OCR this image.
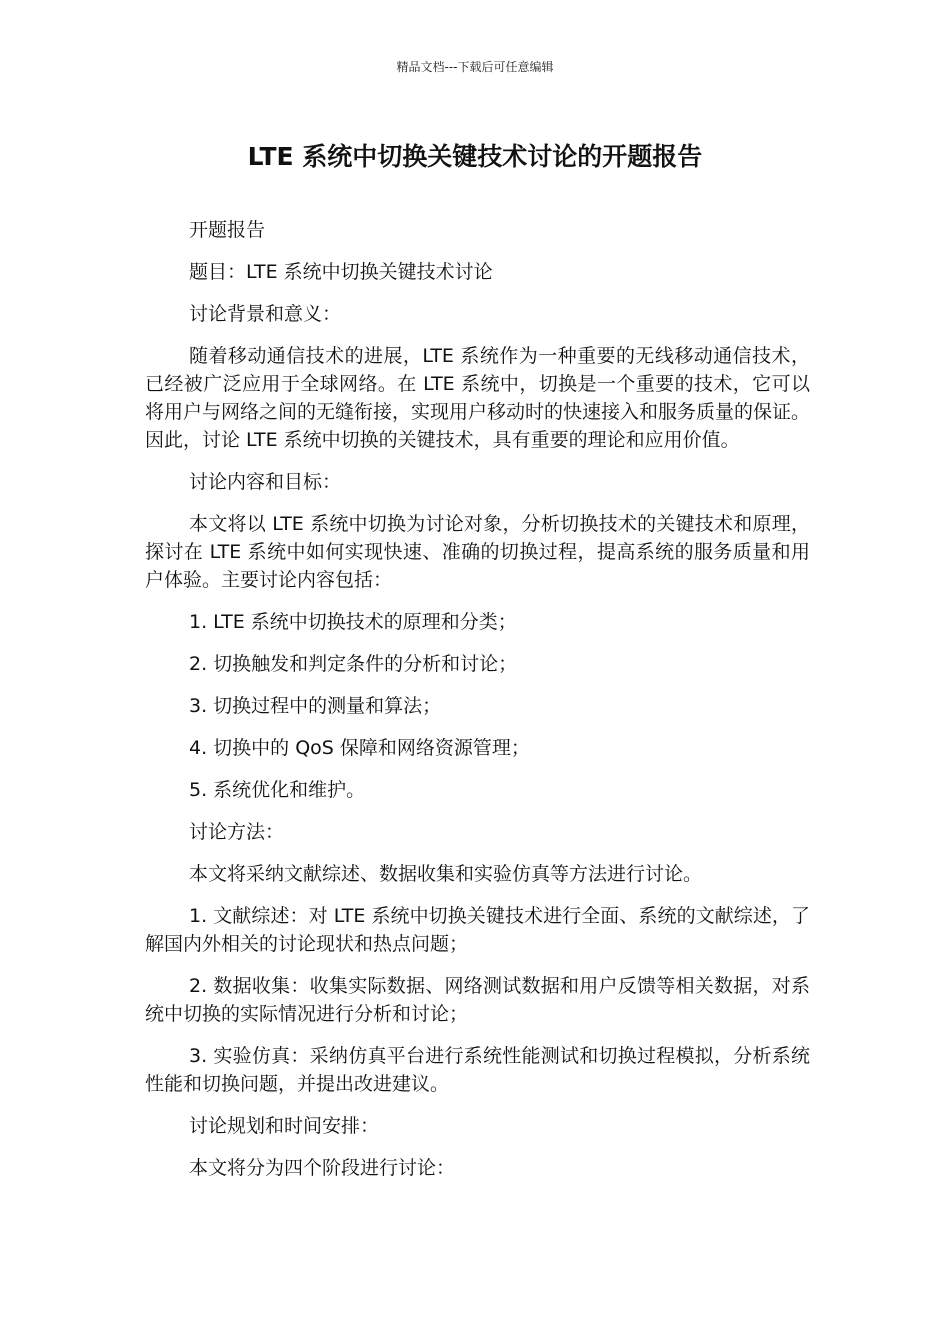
精品文档---下载后可任意编辑
LTE 系统中切换关键技术讨论的开题报告

开题报告

题目：LTE 系统中切换关键技术讨论

讨论背景和意义：

随着移动通信技术的进展，LTE 系统作为一种重要的无线移动通信技术，已经被广泛应用于全球网络。在 LTE 系统中，切换是一个重要的技术，它可以将用户与网络之间的无缝衔接，实现用户移动时的快速接入和服务质量的保证。因此，讨论 LTE 系统中切换的关键技术，具有重要的理论和应用价值。

讨论内容和目标：

本文将以 LTE 系统中切换为讨论对象，分析切换技术的关键技术和原理，探讨在 LTE 系统中如何实现快速、准确的切换过程，提高系统的服务质量和用户体验。主要讨论内容包括：

1. LTE 系统中切换技术的原理和分类；

2. 切换触发和判定条件的分析和讨论；

3. 切换过程中的测量和算法；

4. 切换中的 QoS 保障和网络资源管理；

5. 系统优化和维护。

讨论方法：

本文将采纳文献综述、数据收集和实验仿真等方法进行讨论。

1. 文献综述：对 LTE 系统中切换关键技术进行全面、系统的文献综述，了解国内外相关的讨论现状和热点问题；

2. 数据收集：收集实际数据、网络测试数据和用户反馈等相关数据，对系统中切换的实际情况进行分析和讨论；

3. 实验仿真：采纳仿真平台进行系统性能测试和切换过程模拟，分析系统性能和切换问题，并提出改进建议。

讨论规划和时间安排：

本文将分为四个阶段进行讨论：
